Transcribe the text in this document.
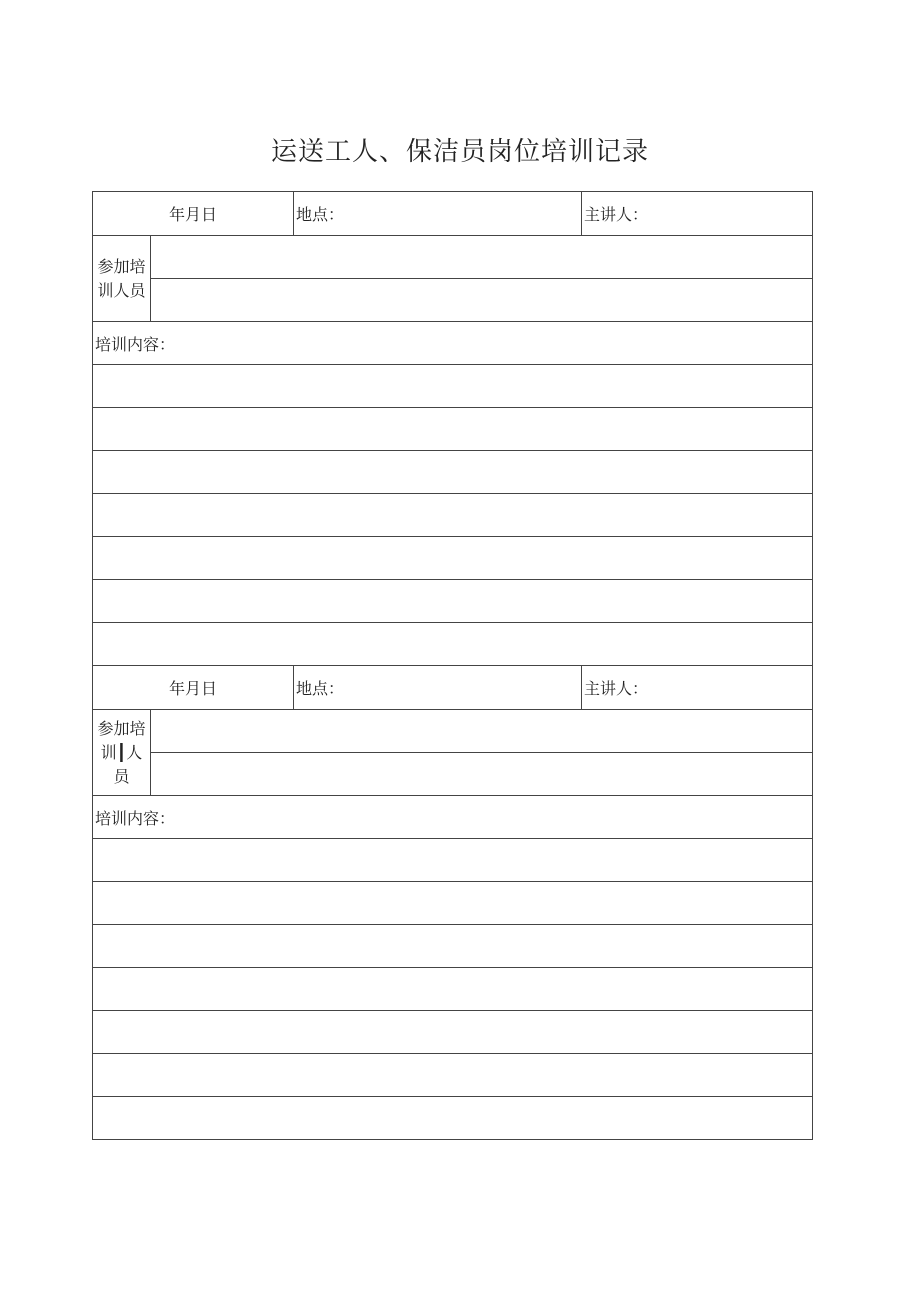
运送工人、保洁员岗位培训记录
年月日		地点：	主讲人：

参加培
训人员			

培训内容：			

年月日		地点：	主讲人：

参加培
训┃人
员			

培训内容：			
